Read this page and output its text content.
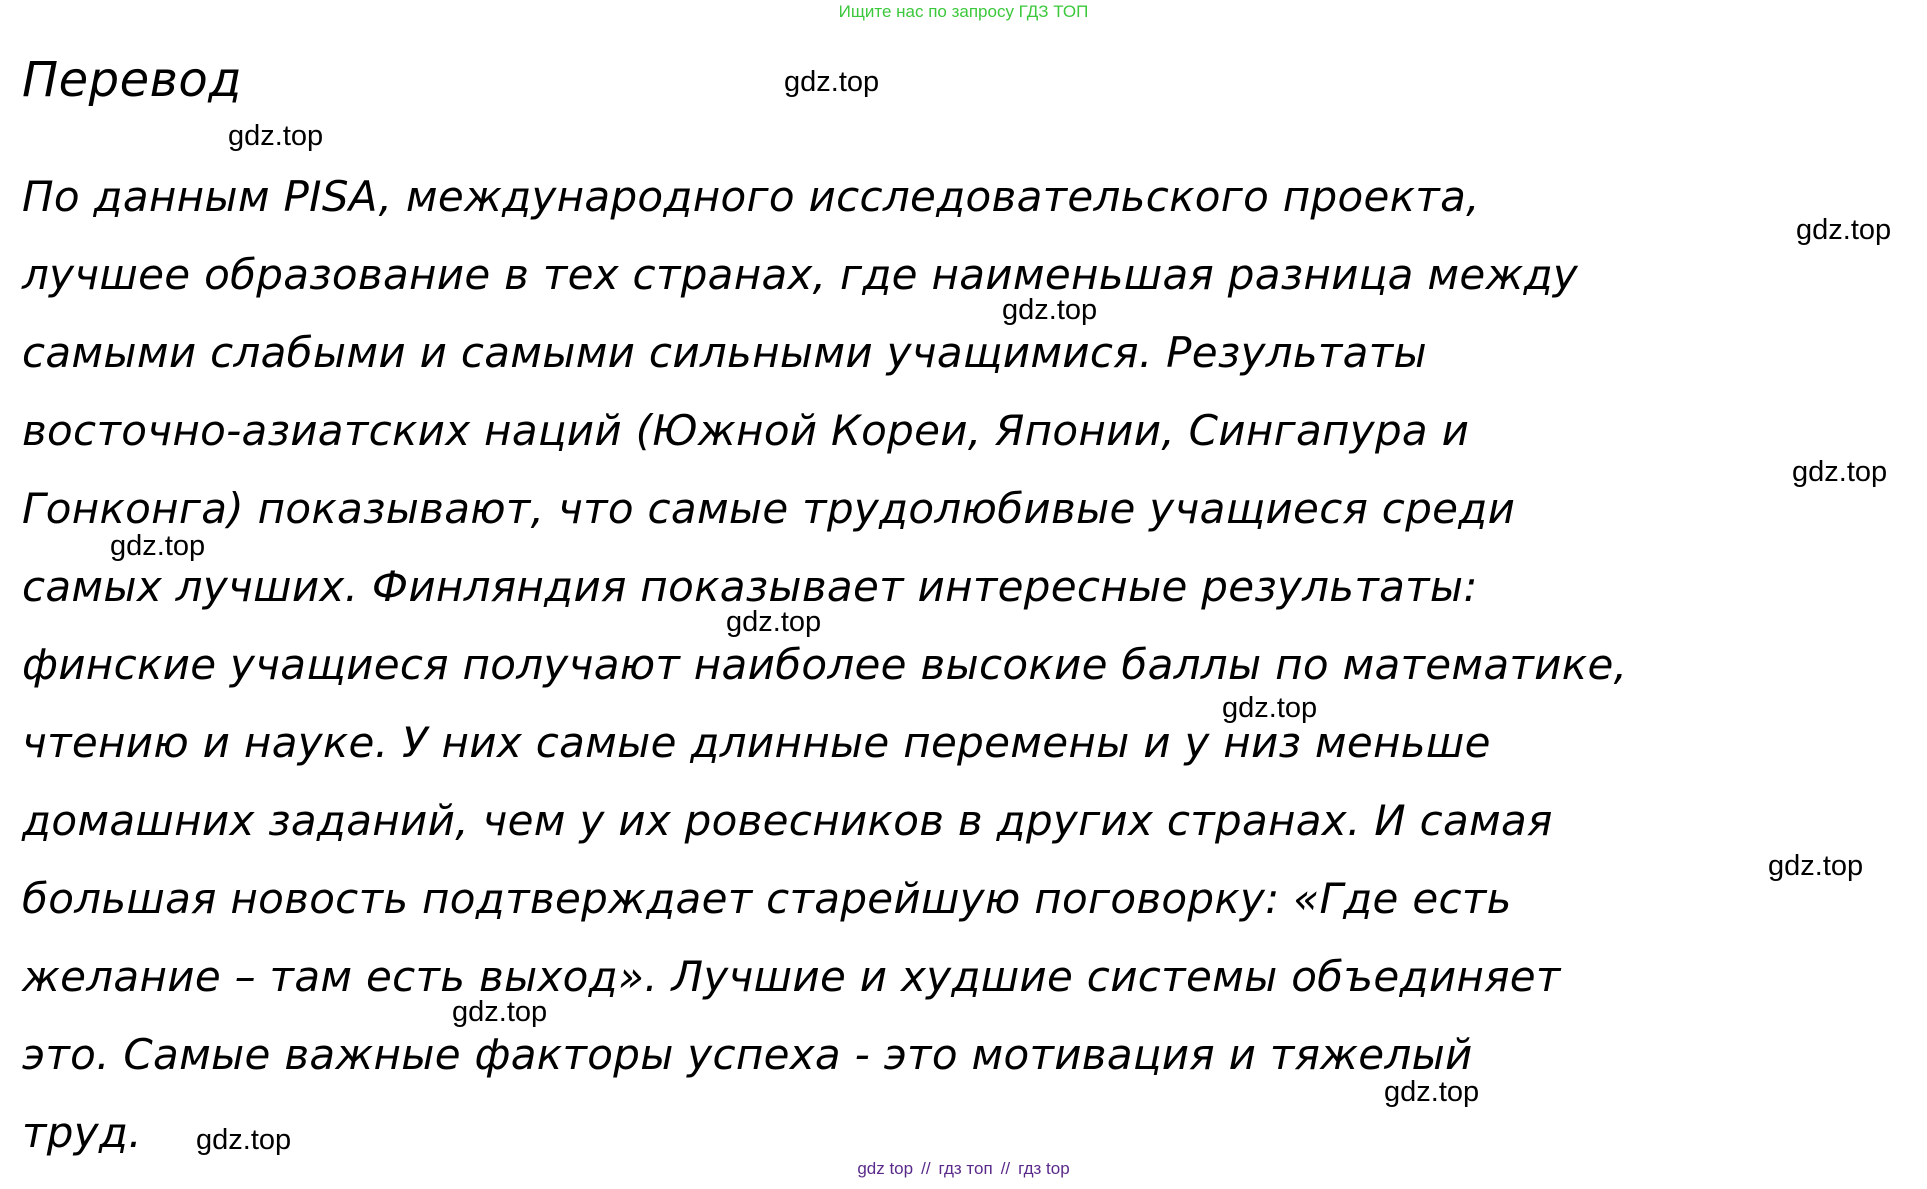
Ищите нас по запросу ГДЗ ТОП
Перевод
По данным PISA, международного исследовательского проекта,
лучшее образование в тех странах, где наименьшая разница между
самыми слабыми и самыми сильными учащимися. Результаты
восточно-азиатских наций (Южной Кореи, Японии, Сингапура и
Гонконга) показывают, что самые трудолюбивые учащиеся среди
самых лучших. Финляндия показывает интересные результаты:
финские учащиеся получают наиболее высокие баллы по математике,
чтению и науке. У них самые длинные перемены и у низ меньше
домашних заданий, чем у их ровесников в других странах. И самая
большая новость подтверждает старейшую поговорку: «Где есть
желание – там есть выход». Лучшие и худшие системы объединяет
это. Самые важные факторы успеха - это мотивация и тяжелый
труд.
gdz.top
gdz.top
gdz.top
gdz.top
gdz.top
gdz.top
gdz.top
gdz.top
gdz.top
gdz.top
gdz.top
gdz.top
gdz top // гдз топ // гдз top
